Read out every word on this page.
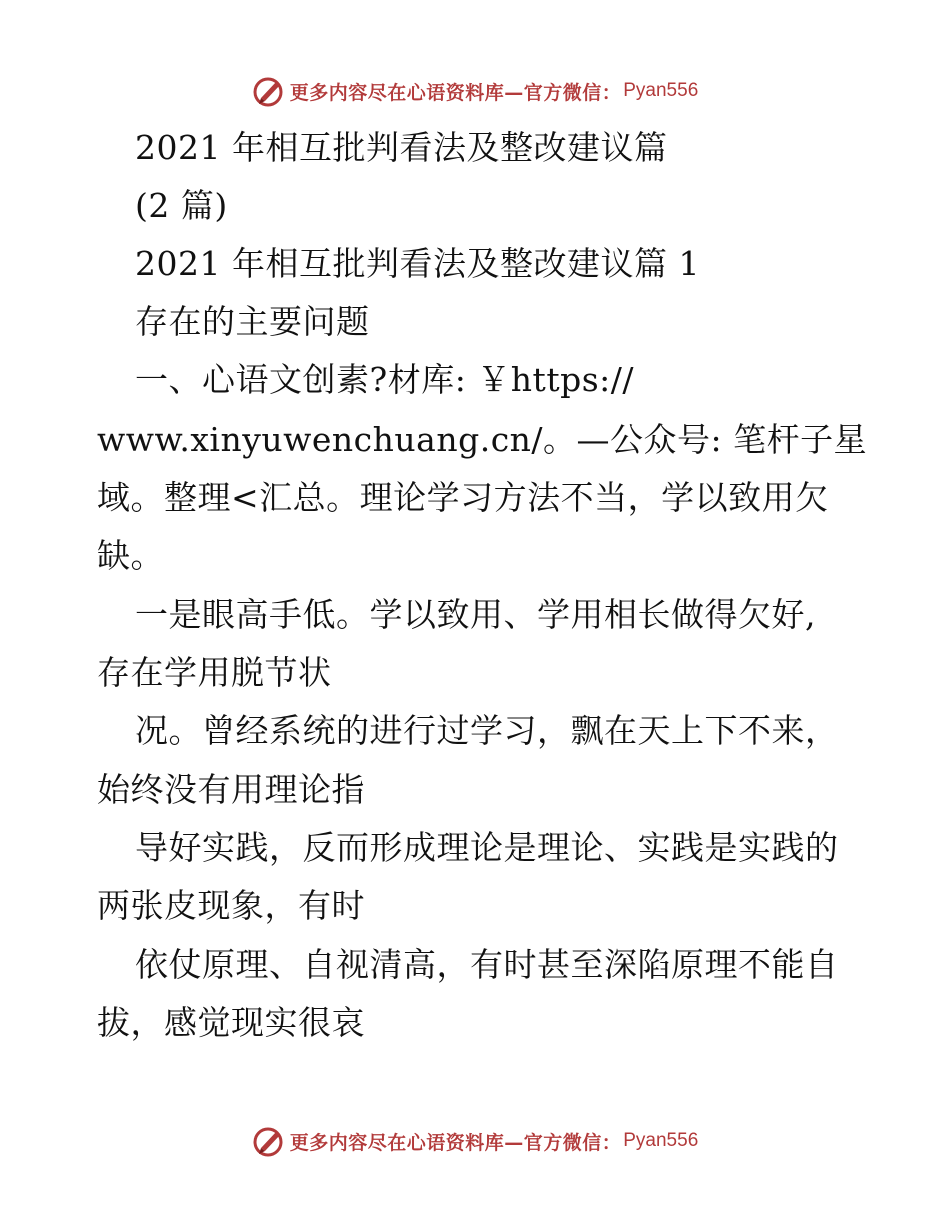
更多内容尽在心语资料库—官方微信： Pyan556
2021 年相互批判看法及整改建议篇
(2 篇)
2021 年相互批判看法及整改建议篇 1
存在的主要问题
一、心语文创素?材库: ￥https://
www.xinyuwenchuang.cn/。—公众号: 笔杆子星
域。整理<汇总。理论学习方法不当，学以致用欠
缺。
一是眼高手低。学以致用、学用相长做得欠好,
存在学用脱节状
况。曾经系统的进行过学习，飘在天上下不来，
始终没有用理论指
导好实践，反而形成理论是理论、实践是实践的
两张皮现象，有时
依仗原理、自视清高，有时甚至深陷原理不能自
拔，感觉现实很哀
更多内容尽在心语资料库—官方微信： Pyan556
